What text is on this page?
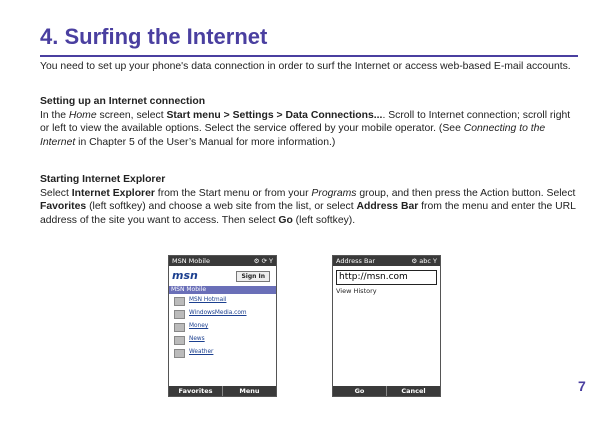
4. Surfing the Internet

You need to set up your phone's data connection in order to surf the Internet or access web-based E-mail accounts.

Setting up an Internet connection

In the Home screen, select Start menu > Settings > Data Connections.... Scroll to Internet connection; scroll right or left to view the available options. Select the service offered by your mobile operator. (See Connecting to the Internet in Chapter 5 of the User’s Manual for more information.)

Starting Internet Explorer

Select Internet Explorer from the Start menu or from your Programs group, and then press the Action button. Select Favorites (left softkey) and choose a web site from the list, or select Address Bar from the menu and enter the URL address of the site you want to access. Then select Go (left softkey).

MSN Mobile	⚙ ⟳ Y
msn	Sign In
MSN Mobile
MSN Hotmail
WindowsMedia.com
Money
News
Weather
Favorites	Menu
Address Bar	⚙ abc Y
http://msn.com
View History
Go	Cancel	7
